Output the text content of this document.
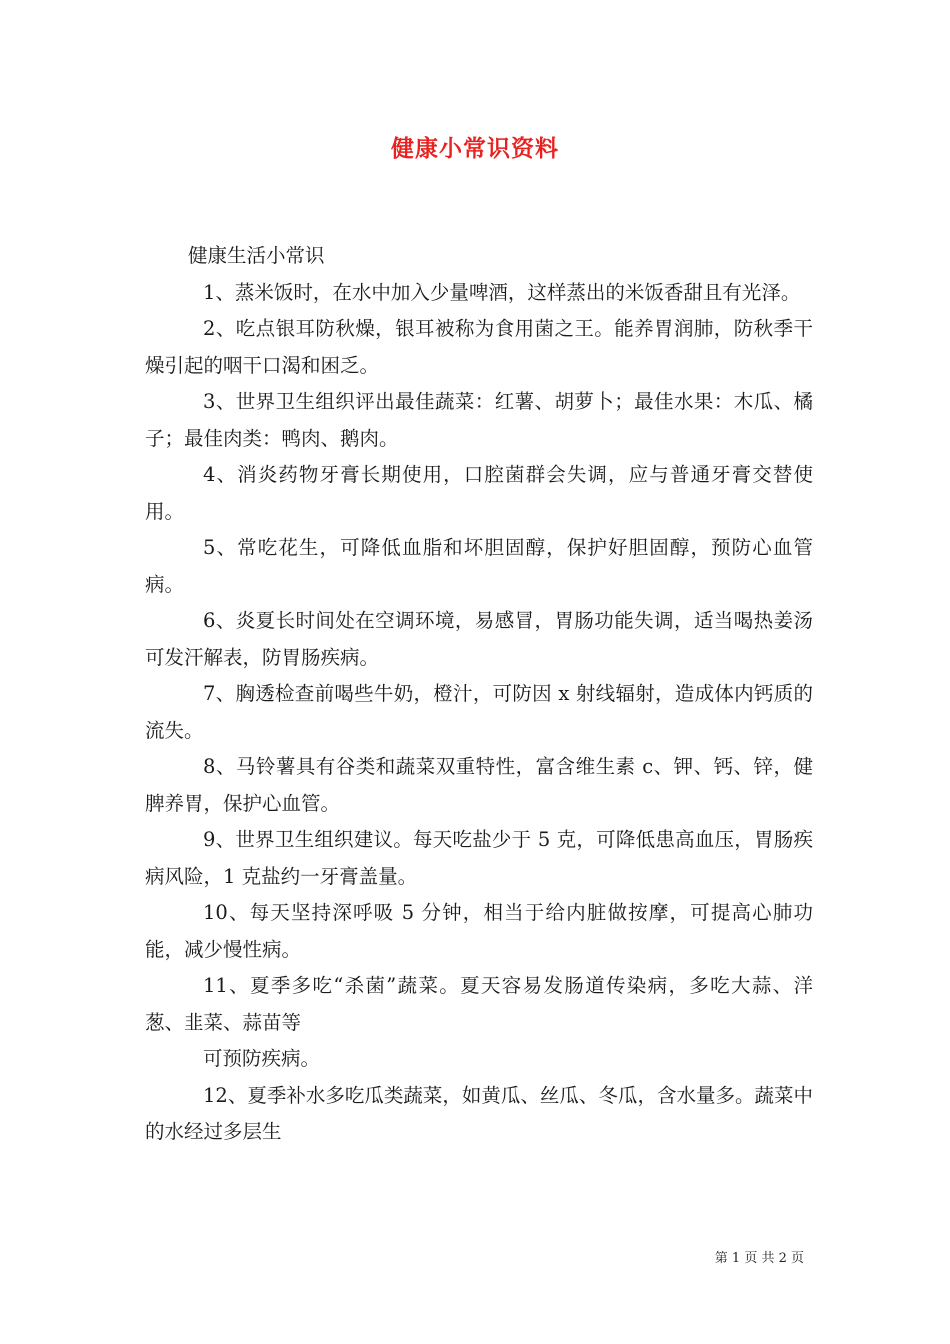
健康小常识资料
健康生活小常识

1、蒸米饭时，在水中加入少量啤酒，这样蒸出的米饭香甜且有光泽。

2、吃点银耳防秋燥，银耳被称为食用菌之王。能养胃润肺，防秋季干燥引起的咽干口渴和困乏。

3、世界卫生组织评出最佳蔬菜：红薯、胡萝卜；最佳水果：木瓜、橘子；最佳肉类：鸭肉、鹅肉。

4、消炎药物牙膏长期使用，口腔菌群会失调，应与普通牙膏交替使用。

5、常吃花生，可降低血脂和坏胆固醇，保护好胆固醇，预防心血管病。

6、炎夏长时间处在空调环境，易感冒，胃肠功能失调，适当喝热姜汤可发汗解表，防胃肠疾病。

7、胸透检查前喝些牛奶，橙汁，可防因 x 射线辐射，造成体内钙质的流失。

8、马铃薯具有谷类和蔬菜双重特性，富含维生素 c、钾、钙、锌，健脾养胃，保护心血管。

9、世界卫生组织建议。每天吃盐少于 5 克，可降低患高血压，胃肠疾病风险，1 克盐约一牙膏盖量。

10、每天坚持深呼吸 5 分钟，相当于给内脏做按摩，可提高心肺功能，减少慢性病。

11、夏季多吃“杀菌”蔬菜。夏天容易发肠道传染病，多吃大蒜、洋葱、韭菜、蒜苗等

可预防疾病。

12、夏季补水多吃瓜类蔬菜，如黄瓜、丝瓜、冬瓜，含水量多。蔬菜中的水经过多层生

第 1 页 共 2 页
